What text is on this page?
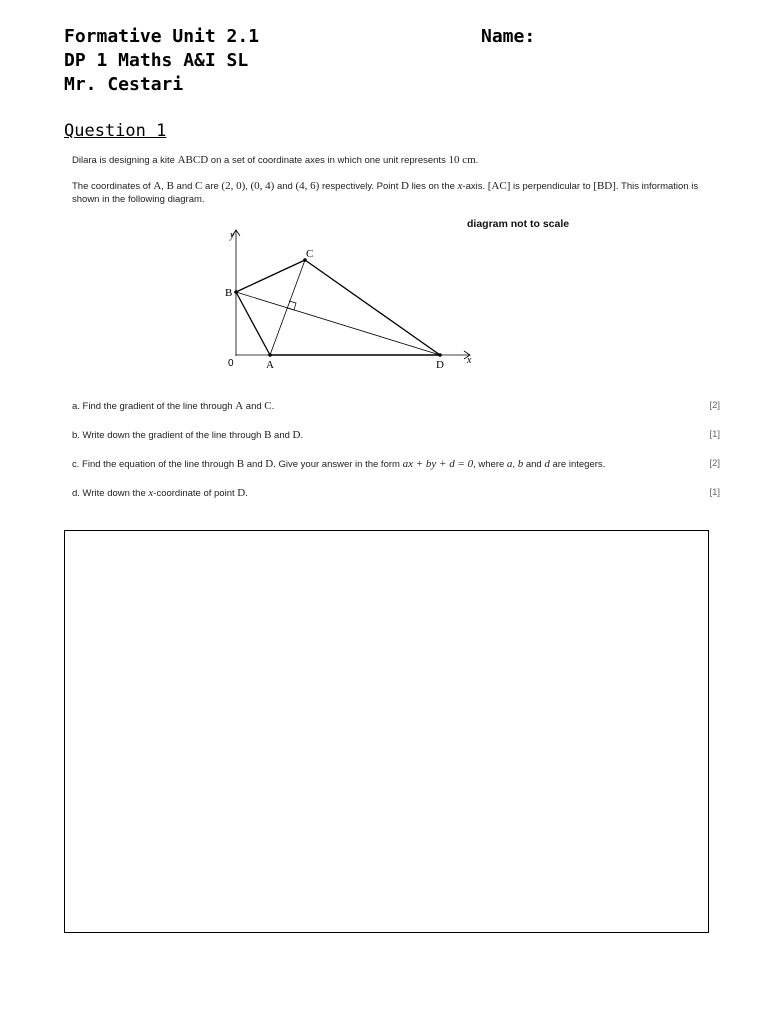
Formative Unit 2.1
DP 1 Maths A&I SL
Mr. Cestari
Name:
Question 1
Dilara is designing a kite ABCD on a set of coordinate axes in which one unit represents 10 cm.
The coordinates of A, B and C are (2, 0), (0, 4) and (4, 6) respectively. Point D lies on the x-axis. [AC] is perpendicular to [BD]. This information is shown in the following diagram.
diagram not to scale
y
x
0	A
B
C
D
a. Find the gradient of the line through A and C.	[2]
b. Write down the gradient of the line through B and D.	[1]
c. Find the equation of the line through B and D. Give your answer in the form ax + by + d = 0, where a, b and d are integers.	[2]
d. Write down the x-coordinate of point D.	[1]
